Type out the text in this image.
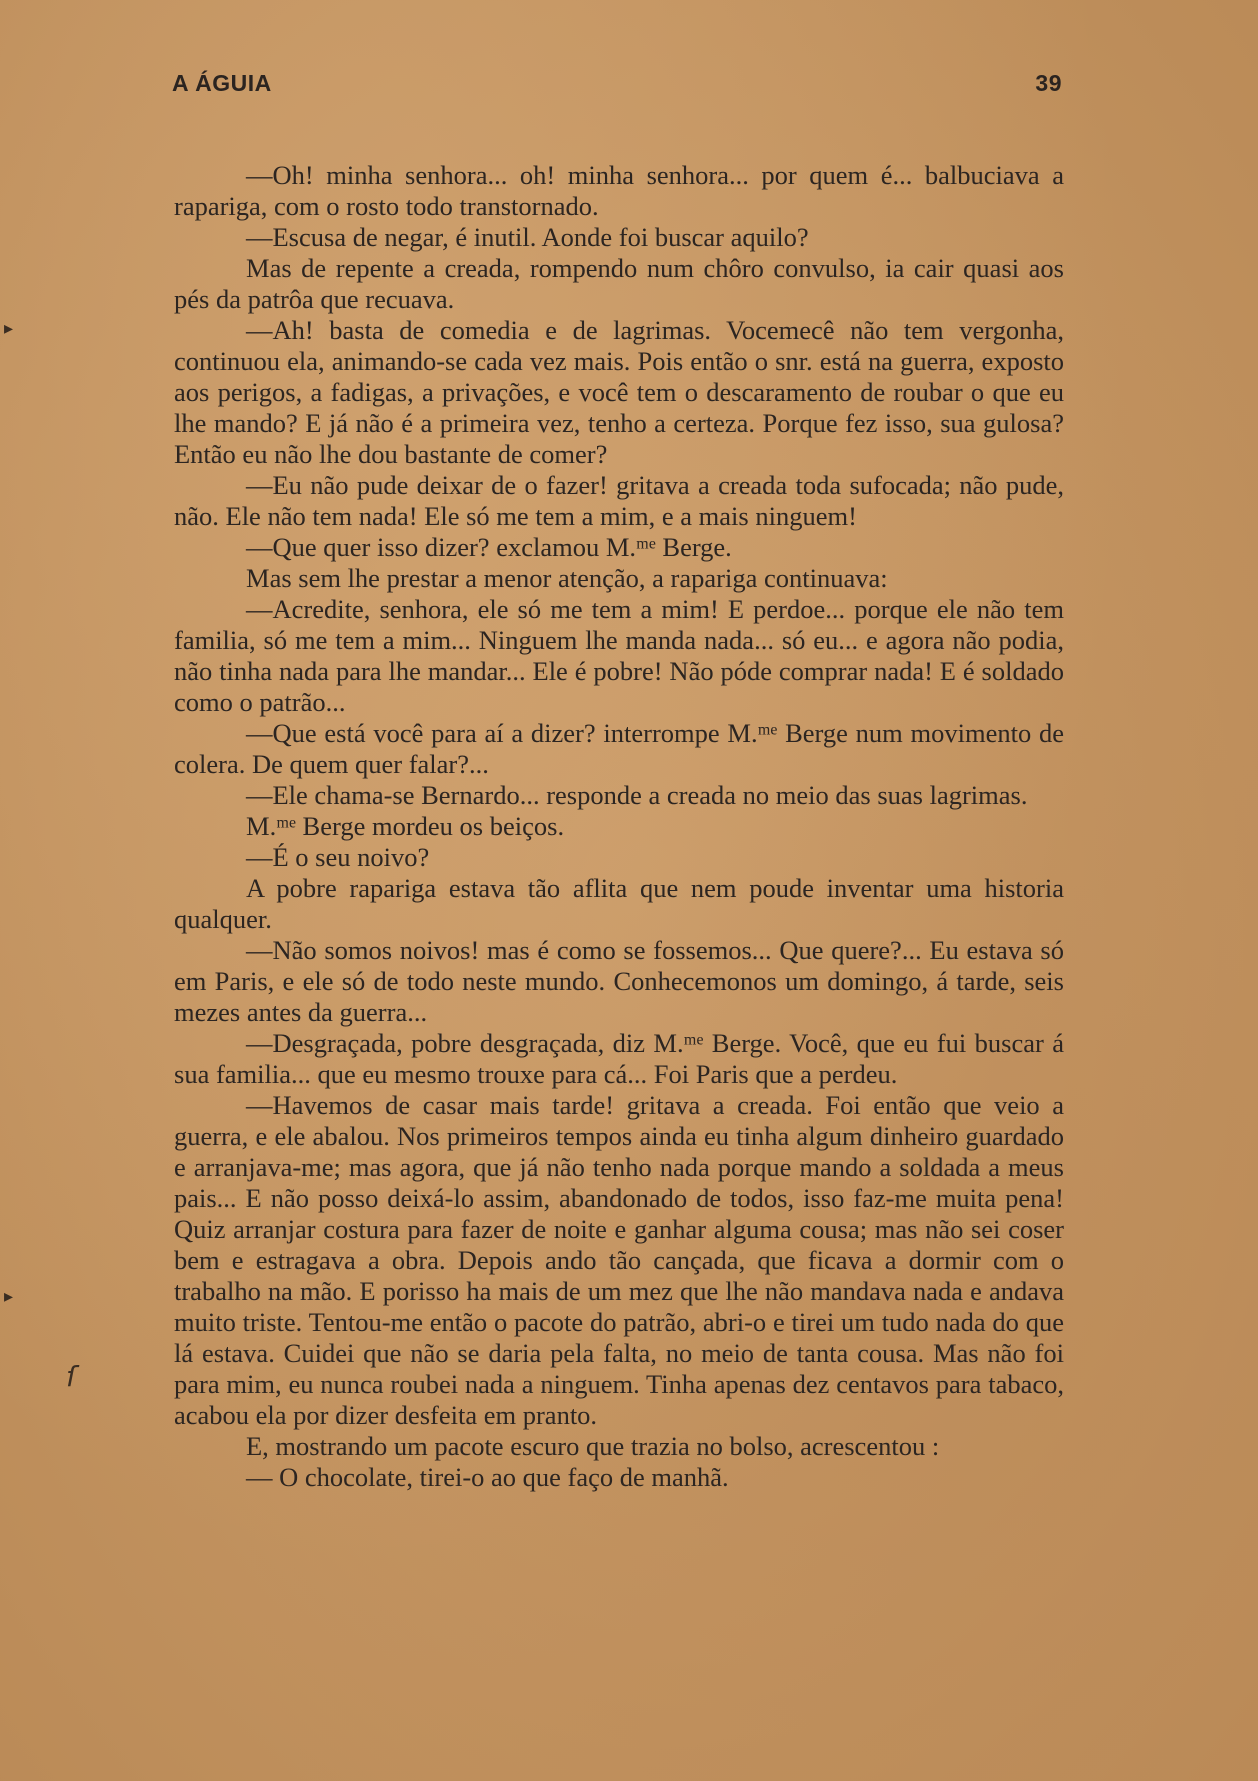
A ÁGUIA	39

—Oh! minha senhora... oh! minha senhora... por quem é... balbuciava a rapariga, com o rosto todo transtornado.

—Escusa de negar, é inutil. Aonde foi buscar aquilo?

Mas de repente a creada, rompendo num chôro convulso, ia cair quasi aos pés da patrôa que recuava.

—Ah! basta de comedia e de lagrimas. Vocemecê não tem vergonha, continuou ela, animando-se cada vez mais. Pois então o snr. está na guerra, exposto aos perigos, a fadigas, a privações, e você tem o descaramento de roubar o que eu lhe mando? E já não é a primeira vez, tenho a certeza. Porque fez isso, sua gulosa? Então eu não lhe dou bastante de comer?

—Eu não pude deixar de o fazer! gritava a creada toda sufocada; não pude, não. Ele não tem nada! Ele só me tem a mim, e a mais ninguem!

—Que quer isso dizer? exclamou M.ᵐᵉ Berge.

Mas sem lhe prestar a menor atenção, a rapariga continuava:

—Acredite, senhora, ele só me tem a mim! E perdoe... porque ele não tem familia, só me tem a mim... Ninguem lhe manda nada... só eu... e agora não podia, não tinha nada para lhe mandar... Ele é pobre! Não póde comprar nada! E é soldado como o patrão...

—Que está você para aí a dizer? interrompe M.ᵐᵉ Berge num movimento de colera. De quem quer falar?...

—Ele chama-se Bernardo... responde a creada no meio das suas lagrimas.

M.ᵐᵉ Berge mordeu os beiços.

—É o seu noivo?

A pobre rapariga estava tão aflita que nem poude inventar uma historia qualquer.

—Não somos noivos! mas é como se fossemos... Que quere?... Eu estava só em Paris, e ele só de todo neste mundo. Conhecemonos um domingo, á tarde, seis mezes antes da guerra...

—Desgraçada, pobre desgraçada, diz M.ᵐᵉ Berge. Você, que eu fui buscar á sua familia... que eu mesmo trouxe para cá... Foi Paris que a perdeu.

—Havemos de casar mais tarde! gritava a creada. Foi então que veio a guerra, e ele abalou. Nos primeiros tempos ainda eu tinha algum dinheiro guardado e arranjava-me; mas agora, que já não tenho nada porque mando a soldada a meus pais... E não posso deixá-lo assim, abandonado de todos, isso faz-me muita pena! Quiz arranjar costura para fazer de noite e ganhar alguma cousa; mas não sei coser bem e estragava a obra. Depois ando tão cançada, que ficava a dormir com o trabalho na mão. E porisso ha mais de um mez que lhe não mandava nada e andava muito triste. Tentou-me então o pacote do patrão, abri-o e tirei um tudo nada do que lá estava. Cuidei que não se daria pela falta, no meio de tanta cousa. Mas não foi para mim, eu nunca roubei nada a ninguem. Tinha apenas dez centavos para tabaco, acabou ela por dizer desfeita em pranto.

E, mostrando um pacote escuro que trazia no bolso, acrescentou :

— O chocolate, tirei-o ao que faço de manhã.

▸
▸
ſ
